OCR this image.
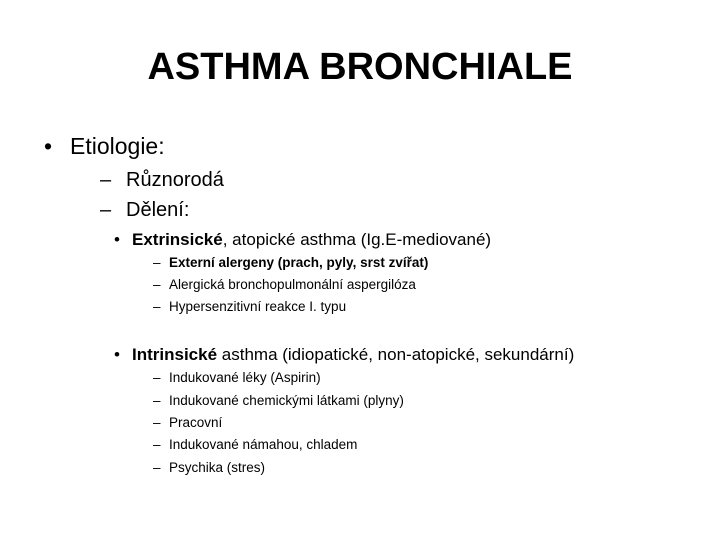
ASTHMA BRONCHIALE
• Etiologie:
– Různorodá
– Dělení:
• Extrinsické, atopické asthma (Ig.E-mediované)
– Externí alergeny (prach, pyly, srst zvířat)
– Alergická bronchopulmonální aspergilóza
– Hypersenzitivní reakce I. typu
• Intrinsické asthma (idiopatické, non-atopické, sekundární)
– Indukované léky (Aspirin)
– Indukované chemickými látkami (plyny)
– Pracovní
– Indukované námahou, chladem
– Psychika (stres)
